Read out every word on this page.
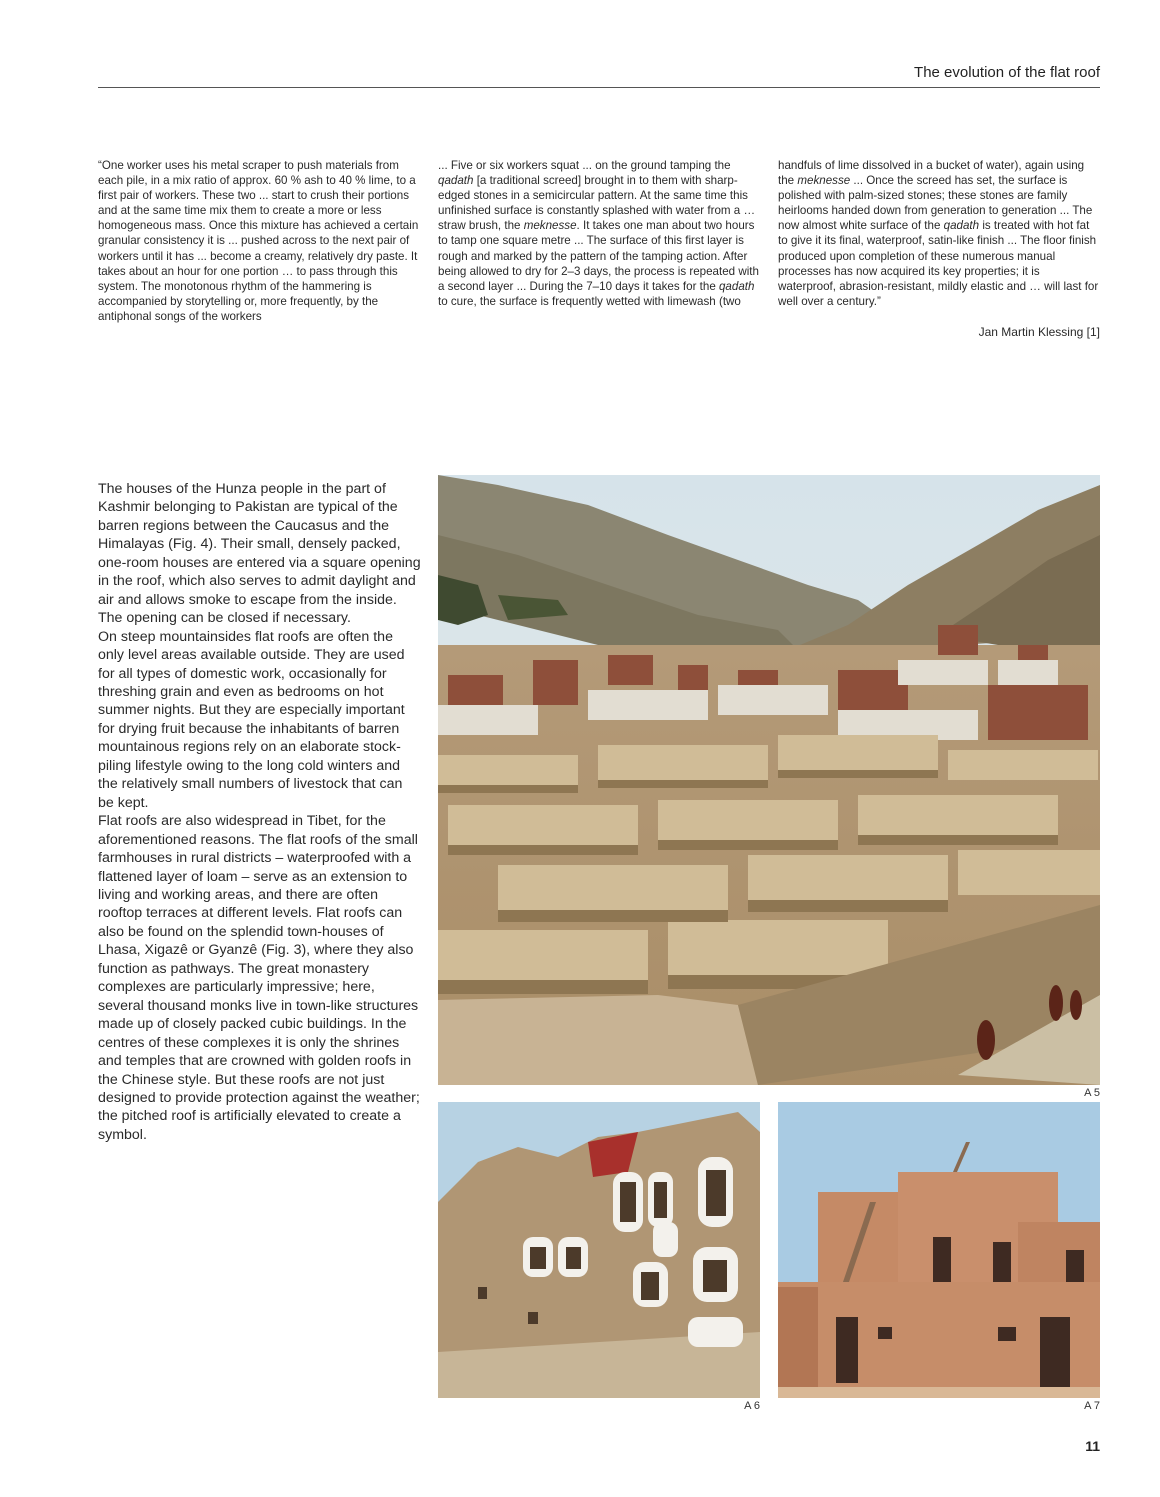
The evolution of the flat roof

“One worker uses his metal scraper to push materials from each pile, in a mix ratio of approx. 60 % ash to 40 % lime, to a first pair of workers. These two ... start to crush their portions and at the same time mix them to create a more or less homogeneous mass. Once this mixture has achieved a certain granular consistency it is ... pushed across to the next pair of workers until it has ... become a creamy, relatively dry paste. It takes about an hour for one portion … to pass through this system. The monotonous rhythm of the hammering is accompanied by storytelling or, more frequently, by the antiphonal songs of the workers

... Five or six workers squat ... on the ground tamping the qadath [a traditional screed] brought in to them with sharp-edged stones in a semicircular pattern. At the same time this unfinished surface is constantly splashed with water from a … straw brush, the meknesse. It takes one man about two hours to tamp one square metre ... The surface of this first layer is rough and marked by the pattern of the tamping action. After being allowed to dry for 2–3 days, the process is repeated with a second layer ... During the 7–10 days it takes for the qadath to cure, the surface is frequently wetted with limewash (two

handfuls of lime dissolved in a bucket of water), again using the meknesse ... Once the screed has set, the surface is polished with palm-sized stones; these stones are family heirlooms handed down from generation to generation ... The now almost white surface of the qadath is treated with hot fat to give it its final, waterproof, satin-like finish ... The floor finish produced upon completion of these numerous manual processes has now acquired its key properties; it is waterproof, abrasion-resistant, mildly elastic and … will last for well over a century.”

Jan Martin Klessing [1]

The houses of the Hunza people in the part of Kashmir belonging to Pakistan are typical of the barren regions between the Caucasus and the Himalayas (Fig. 4). Their small, densely packed, one-room houses are entered via a square opening in the roof, which also serves to admit daylight and air and allows smoke to escape from the inside. The opening can be closed if necessary.

On steep mountainsides flat roofs are often the only level areas available outside. They are used for all types of domestic work, occasionally for threshing grain and even as bedrooms on hot summer nights. But they are especially important for drying fruit because the inhabitants of barren mountainous regions rely on an elaborate stock-piling lifestyle owing to the long cold winters and the relatively small numbers of livestock that can be kept.

Flat roofs are also widespread in Tibet, for the aforementioned reasons. The flat roofs of the small farmhouses in rural districts – waterproofed with a flattened layer of loam – serve as an extension to living and working areas, and there are often rooftop terraces at different levels. Flat roofs can also be found on the splendid town-houses of Lhasa, Xigazê or Gyanzê (Fig. 3), where they also function as pathways. The great monastery complexes are particularly impressive; here, several thousand monks live in town-like structures made up of closely packed cubic buildings. In the centres of these complexes it is only the shrines and temples that are crowned with golden roofs in the Chinese style. But these roofs are not just designed to provide protection against the weather; the pitched roof is artificially elevated to create a symbol.

A 5
A 6	A 7
11
